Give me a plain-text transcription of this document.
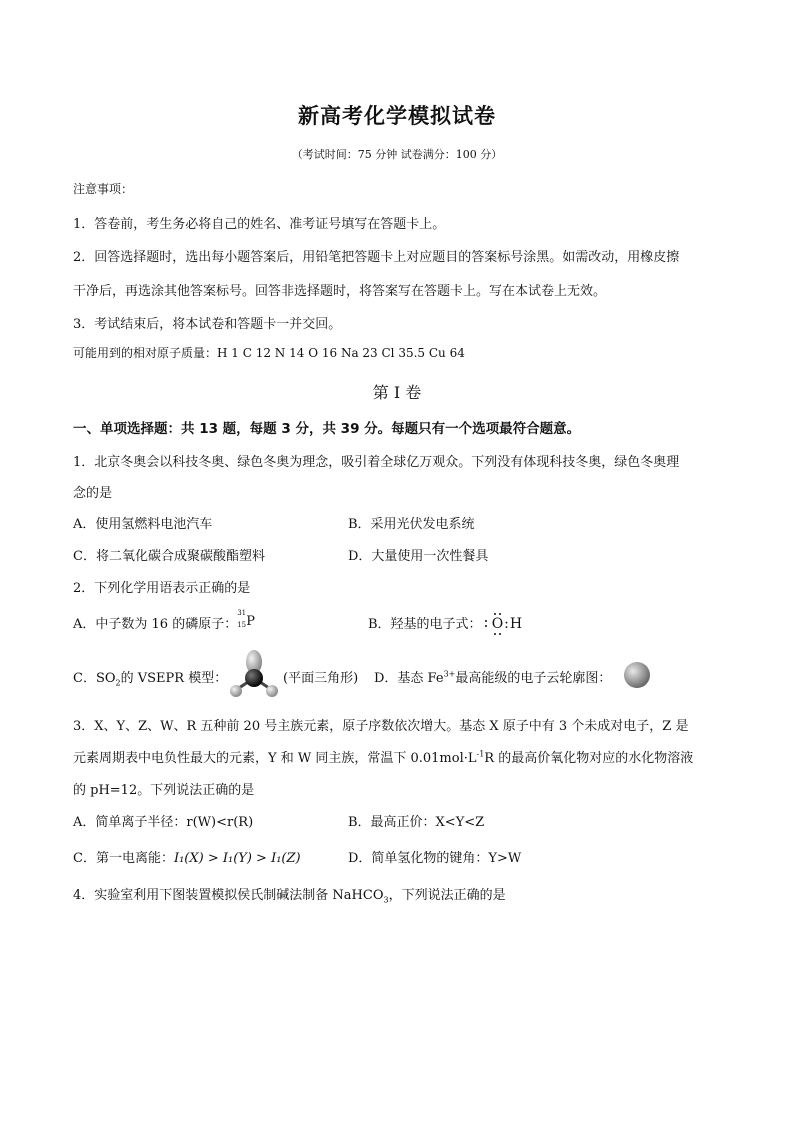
新高考化学模拟试卷
（考试时间：75 分钟 试卷满分：100 分）
注意事项：
1．答卷前，考生务必将自己的姓名、准考证号填写在答题卡上。
2．回答选择题时，选出每小题答案后，用铅笔把答题卡上对应题目的答案标号涂黑。如需改动，用橡皮擦
干净后，再选涂其他答案标号。回答非选择题时，将答案写在答题卡上。写在本试卷上无效。
3．考试结束后，将本试卷和答题卡一并交回。
可能用到的相对原子质量：H 1 C 12 N 14 O 16 Na 23 Cl 35.5 Cu 64
第 I 卷
一、单项选择题：共 13 题，每题 3 分，共 39 分。每题只有一个选项最符合题意。
1．北京冬奥会以科技冬奥、绿色冬奥为理念，吸引着全球亿万观众。下列没有体现科技冬奥，绿色冬奥理
念的是
A．使用氢燃料电池汽车	B．采用光伏发电系统
C．将二氧化碳合成聚碳酸酯塑料	D．大量使用一次性餐具
2．下列化学用语表示正确的是
A．中子数为 16 的磷原子：
31
15 P	B．羟基的电子式： O:H
C．$SO_2$的 VSEPR 模型：	(平面三角形) D．基态 $Fe^{3+}$最高能级的电子云轮廓图：
3．X、Y、Z、W、R 五种前 20 号主族元素，原子序数依次增大。基态 X 原子中有 3 个未成对电子，Z 是
元素周期表中电负性最大的元素，Y 和 W 同主族，常温下 $0.01mol\cdot L^{-1}R$ 的最高价氧化物对应的水化物溶液
的 pH=12。下列说法正确的是
A．简单离子半径：r(W)<r(R)	B．最高正价：X<Y<Z
C．第一电离能：I₁(X) > I₁(Y) > I₁(Z)	D．简单氢化物的键角：Y>W
4．实验室利用下图装置模拟侯氏制碱法制备 NaHCO$_3$，下列说法正确的是
